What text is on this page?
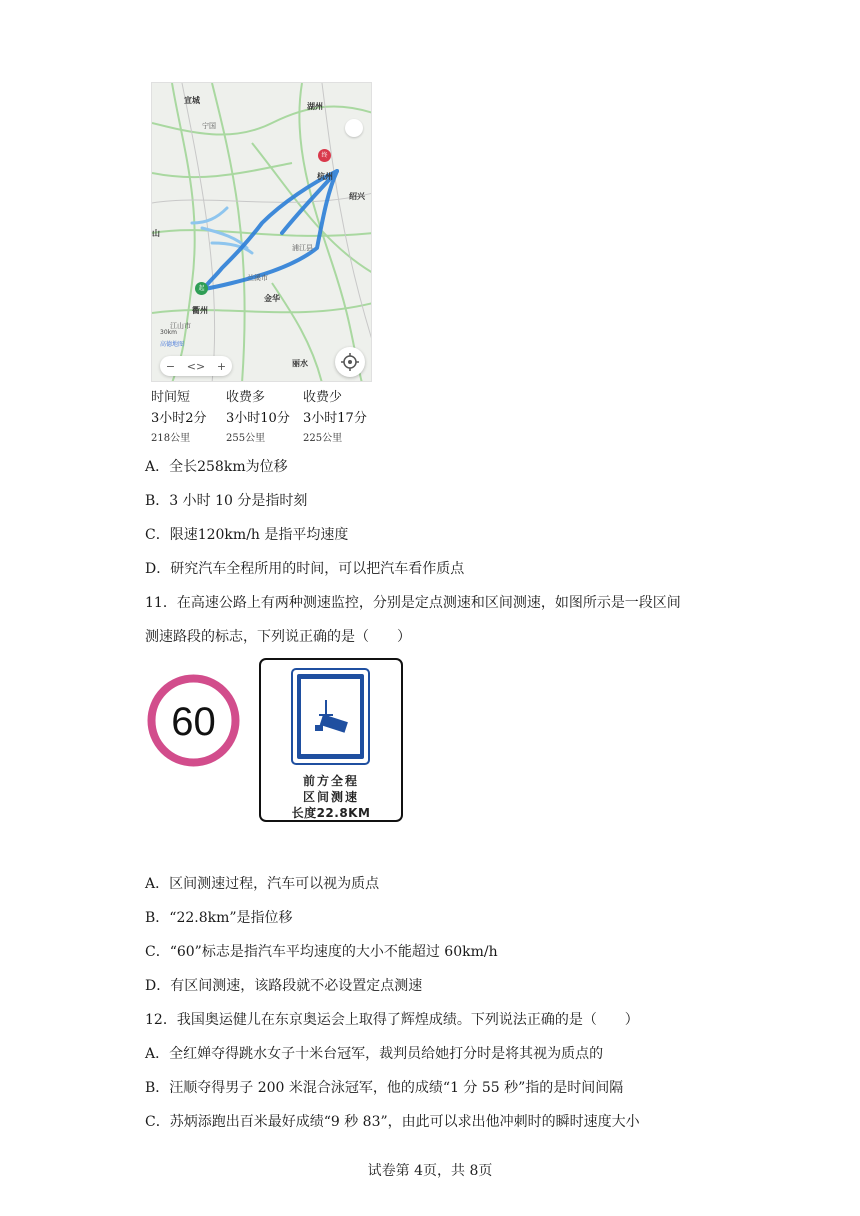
宣城
湖州
宁国
杭州
绍兴
衢州
金华
兰溪市
丽水
浦江县
江山市
山
终
起
30km
高德地图
− <> +
时间短
3小时2分
218公里
收费多
3小时10分
255公里
收费少
3小时17分
225公里
A．全长258km为位移
B．3 小时 10 分是指时刻
C．限速120km/h 是指平均速度
D．研究汽车全程所用的时间，可以把汽车看作质点
11．在高速公路上有两种测速监控，分别是定点测速和区间测速，如图所示是一段区间
测速路段的标志，下列说正确的是（　　）
60
前方全程
区间测速
长度22.8KM
A．区间测速过程，汽车可以视为质点
B．“22.8km”是指位移
C．“60”标志是指汽车平均速度的大小不能超过 60km/h
D．有区间测速，该路段就不必设置定点测速
12．我国奥运健儿在东京奥运会上取得了辉煌成绩。下列说法正确的是（　　）
A．全红婵夺得跳水女子十米台冠军，裁判员给她打分时是将其视为质点的
B．汪顺夺得男子 200 米混合泳冠军，他的成绩“1 分 55 秒”指的是时间间隔
C．苏炳添跑出百米最好成绩“9 秒 83”，由此可以求出他冲刺时的瞬时速度大小
试卷第 4页，共 8页
